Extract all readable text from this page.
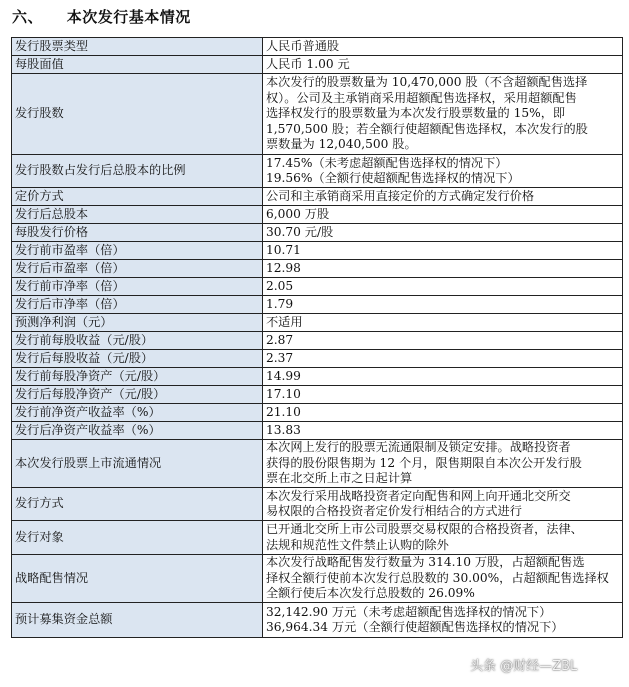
六、 本次发行基本情况
发行股票类型	人民币普通股

每股面值	人民币 1.00 元

发行股数	本次发行的股票数量为 10,470,000 股（不含超额配售选择
权）。公司及主承销商采用超额配售选择权，采用超额配售
选择权发行的股票数量为本次发行股票数量的 15%，即
1,570,500 股；若全额行使超额配售选择权，本次发行的股
票数量为 12,040,500 股。

发行股数占发行后总股本的比例	17.45%（未考虑超额配售选择权的情况下）
19.56%（全额行使超额配售选择权的情况下）

定价方式	公司和主承销商采用直接定价的方式确定发行价格

发行后总股本	6,000 万股

每股发行价格	30.70 元/股

发行前市盈率（倍）	10.71

发行后市盈率（倍）	12.98

发行前市净率（倍）	2.05

发行后市净率（倍）	1.79

预测净利润（元）	不适用

发行前每股收益（元/股）	2.87

发行后每股收益（元/股）	2.37

发行前每股净资产（元/股）	14.99

发行后每股净资产（元/股）	17.10

发行前净资产收益率（%）	21.10

发行后净资产收益率（%）	13.83

本次发行股票上市流通情况	本次网上发行的股票无流通限制及锁定安排。战略投资者
获得的股份限售期为 12 个月，限售期限自本次公开发行股
票在北交所上市之日起计算

发行方式	本次发行采用战略投资者定向配售和网上向开通北交所交
易权限的合格投资者定价发行相结合的方式进行

发行对象	已开通北交所上市公司股票交易权限的合格投资者，法律、
法规和规范性文件禁止认购的除外

战略配售情况	本次发行战略配售发行数量为 314.10 万股，占超额配售选
择权全额行使前本次发行总股数的 30.00%，占超额配售选择权
全额行使后本次发行总股数的 26.09%

预计募集资金总额	32,142.90 万元（未考虑超额配售选择权的情况下）
36,964.34 万元（全额行使超额配售选择权的情况下）
头条 @财经—ZBL
